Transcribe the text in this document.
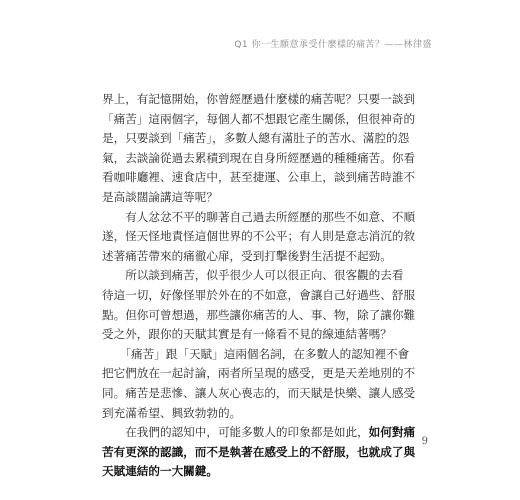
Q1 你一生願意承受什麼樣的痛苦？——林律盛
界上，有記憶開始，你曾經歷過什麼樣的痛苦呢？只要一談到
「痛苦」這兩個字，每個人都不想跟它產生關係，但很神奇的
是，只要談到「痛苦」，多數人總有滿肚子的苦水、滿腔的怨
氣，去談論從過去累積到現在自身所經歷過的種種痛苦。你看
看咖啡廳裡、速食店中，甚至捷運、公車上，談到痛苦時誰不
是高談闊論講這等呢？
　　有人忿忿不平的聊著自己過去所經歷的那些不如意、不順
遂，怪天怪地責怪這個世界的不公平；有人則是意志消沉的敘
述著痛苦帶來的痛徹心扉，受到打擊後對生活提不起勁。
　　所以談到痛苦，似乎很少人可以很正向、很客觀的去看
待這一切，好像怪罪於外在的不如意，會讓自己好過些、舒服
點。但你可曾想過，那些讓你痛苦的人、事、物，除了讓你難
受之外，跟你的天賦其實是有一條看不見的線連結著嗎？
　　「痛苦」跟「天賦」這兩個名詞，在多數人的認知裡不會
把它們放在一起討論，兩者所呈現的感受，更是天差地別的不
同。痛苦是悲慘、讓人灰心喪志的，而天賦是快樂、讓人感受
到充滿希望、興致勃勃的。
　　在我們的認知中，可能多數人的印象都是如此，如何對痛
苦有更深的認識，而不是執著在感受上的不舒服，也就成了與
天賦連結的一大關鍵。
9
